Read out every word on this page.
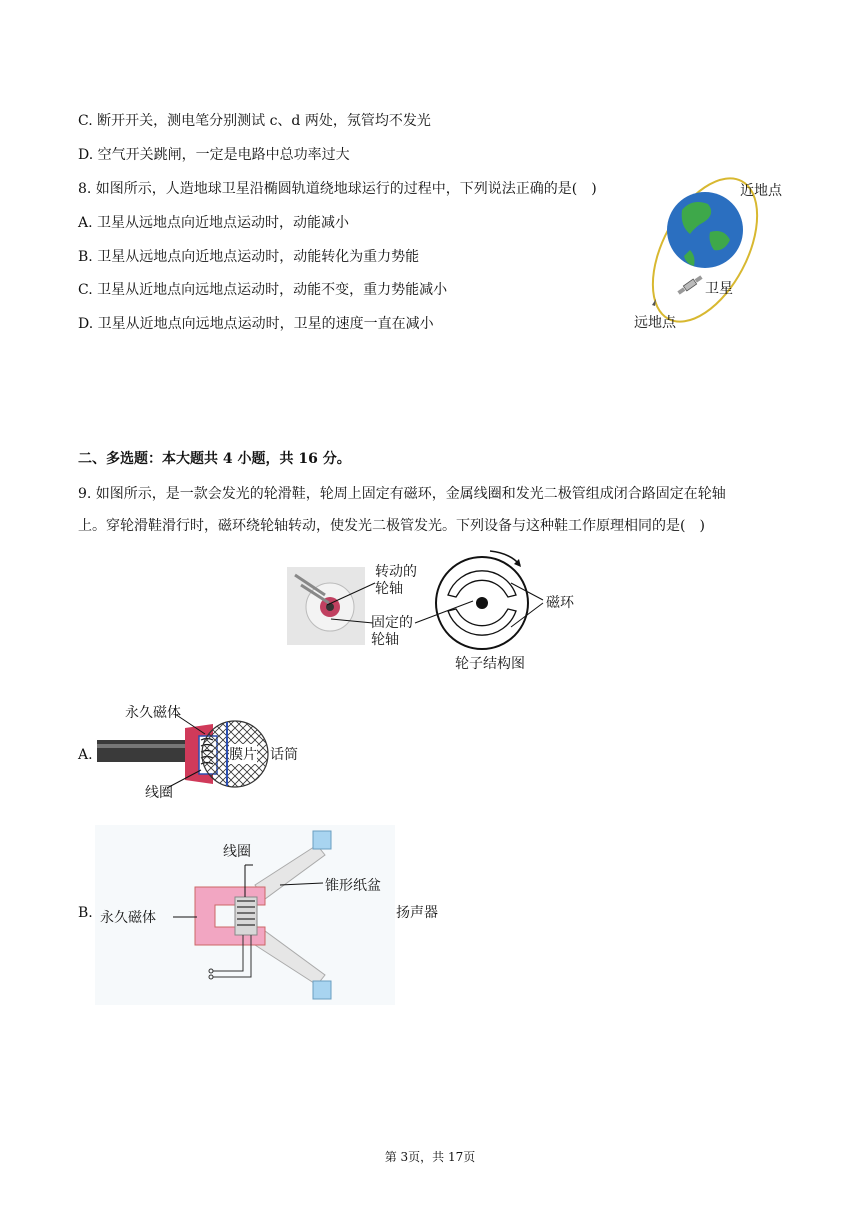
C. 断开开关，测电笔分别测试 c、d 两处，氖管均不发光
D. 空气开关跳闸，一定是电路中总功率过大
8. 如图所示，人造地球卫星沿椭圆轨道绕地球运行的过程中，下列说法正确的是(　)
A. 卫星从远地点向近地点运动时，动能减小
B. 卫星从远地点向近地点运动时，动能转化为重力势能
C. 卫星从近地点向远地点运动时，动能不变，重力势能减小
D. 卫星从近地点向远地点运动时，卫星的速度一直在减小
二、多选题：本大题共 4 小题，共 16 分。
9. 如图所示，是一款会发光的轮滑鞋，轮周上固定有磁环，金属线圈和发光二极管组成闭合路固定在轮轴
上。穿轮滑鞋滑行时，磁环绕轮轴转动，使发光二极管发光。下列设备与这种鞋工作原理相同的是(　)
近地点
卫星
远地点
转动的
轮轴
固定的
轮轴
磁环
轮子结构图
A.
永久磁体
膜片
线圈
话筒
B.
线圈
锥形纸盆
永久磁体	扬声器
第 3页，共 17页
